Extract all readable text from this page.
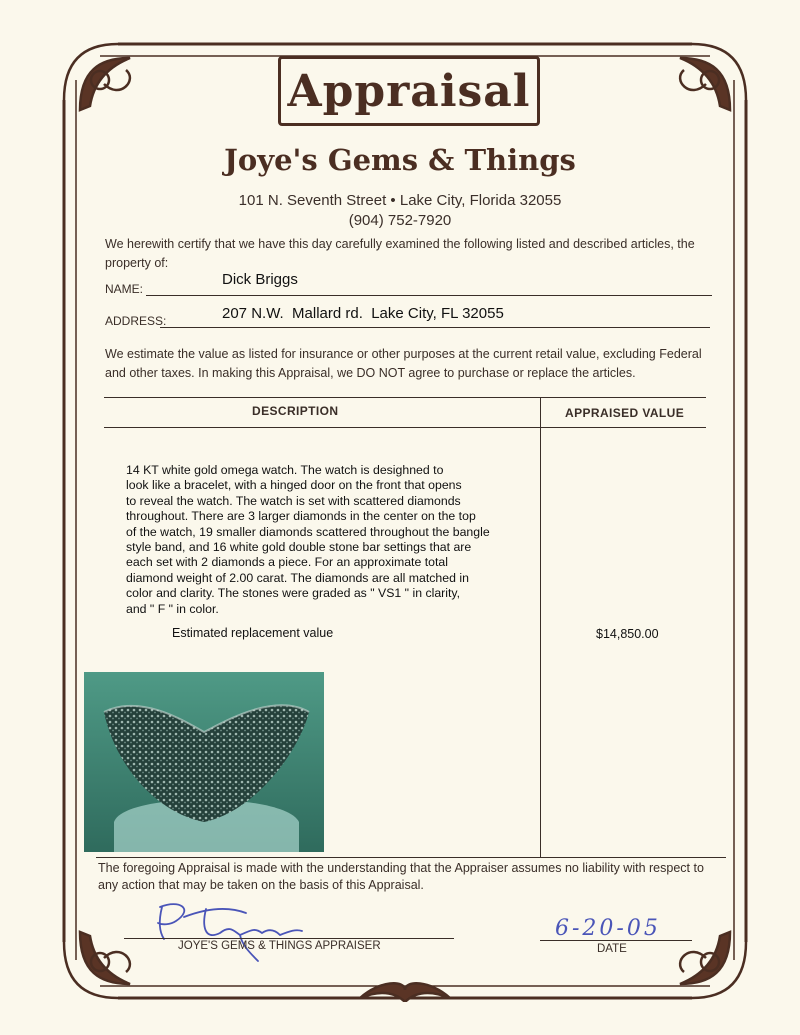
Appraisal
Joye's Gems & Things
101 N. Seventh Street • Lake City, Florida 32055
(904) 752-7920
We herewith certify that we have this day carefully examined the following listed and described articles, the property of:
NAME:
Dick Briggs
ADDRESS:	207 N.W.  Mallard rd.  Lake City, FL 32055
We estimate the value as listed for insurance or other purposes at the current retail value, excluding Federal and other taxes. In making this Appraisal, we DO NOT agree to purchase or replace the articles.
DESCRIPTION	APPRAISED VALUE
14 KT white gold omega watch. The watch is desighned to
look like a bracelet, with a hinged door on the front that opens
to reveal the watch. The watch is set with scattered diamonds
throughout. There are 3 larger diamonds in the center on the top
of the watch, 19 smaller diamonds scattered throughout the bangle
style band, and 16 white gold double stone bar settings that are
each set with 2 diamonds a piece. For an approximate total
diamond weight of 2.00 carat. The diamonds are all matched in
color and clarity. The stones were graded as " VS1 " in clarity,
and " F " in color.
Estimated replacement value	$14,850.00
The foregoing Appraisal is made with the understanding that the Appraiser assumes no liability with respect to any action that may be taken on the basis of this Appraisal.
JOYE'S GEMS & THINGS APPRAISER
6-20-05
DATE
